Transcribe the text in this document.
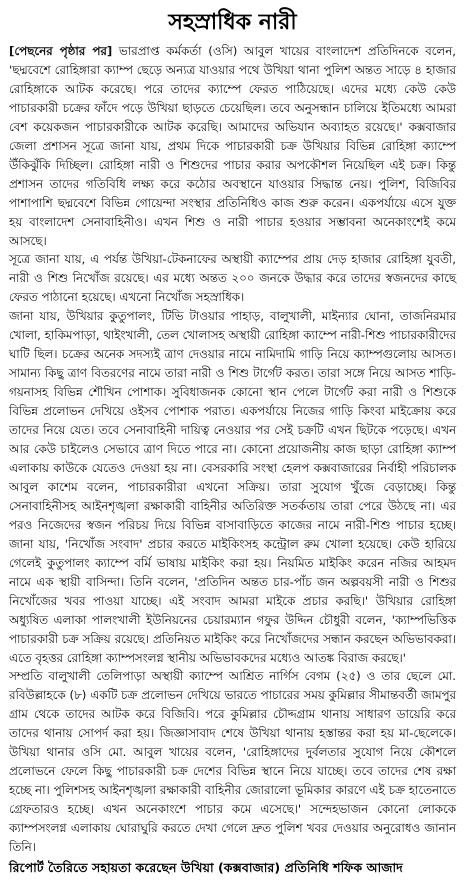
সহস্রাধিক নারী

[পেছনের পৃষ্ঠার পর] ভারপ্রাপ্ত কর্মকর্তা (ওসি) আবুল খায়ের বাংলাদেশ প্রতিদিনকে বলেন, 'ছদ্মবেশে রোহিঙ্গারা ক্যাম্প ছেড়ে অন্যত্র যাওয়ার পথে উখিয়া থানা পুলিশ অন্তত সাড়ে ৪ হাজার রোহিঙ্গাকে আটক করেছে। পরে তাদের ক্যাম্পে ফেরত পাঠিয়েছে। এদের মধ্যে কেউ কেউ পাচারকারী চক্রের ফাঁদে পড়ে উখিয়া ছাড়তে চেয়েছিল। তবে অনুসন্ধান চালিয়ে ইতিমধ্যে আমরা বেশ কয়েকজন পাচারকারীকে আটক করেছি। আমাদের অভিযান অব্যাহত রয়েছে।' কক্সবাজার জেলা প্রশাসন সূত্রে জানা যায়, প্রথম দিকে পাচারকারী চক্র উখিয়ার বিভিন্ন রোহিঙ্গা ক্যাম্পে উঁকিঝুঁকি দিচ্ছিল। রোহিঙ্গা নারী ও শিশুদের পাচার করার অপকৌশল নিয়েছিল এই চক্র। কিন্তু প্রশাসন তাদের গতিবিধি লক্ষ্য করে কঠোর অবস্থানে যাওয়ার সিদ্ধান্ত নেয়। পুলিশ, বিজিবির পাশাপাশি ছদ্মবেশে বিভিন্ন গোয়েন্দা সংস্থার প্রতিনিধিও কাজ শুরু করেন। একপর্যায়ে এসে যুক্ত হয় বাংলাদেশ সেনাবাহিনীও। এখন শিশু ও নারী পাচার হওয়ার সম্ভাবনা অনেকাংশেই কমে আসছে।

সূত্রে জানা যায়, এ পর্যন্ত উখিয়া-টেকনাফের অস্থায়ী ক্যাম্পের প্রায় দেড় হাজার রোহিঙ্গা যুবতী, নারী ও শিশু নিখোঁজ রয়েছে। এর মধ্যে অন্তত ২০০ জনকে উদ্ধার করে তাদের স্বজনদের কাছে ফেরত পাঠানো হয়েছে। এখনো নিখোঁজ সহস্রাধিক।

জানা যায়, উখিয়ার কুতুপালং, টিভি টাওয়ার পাহাড়, বালুখালী, মাইন্যার ঘোনা, তাজনিরমার খোলা, হাকিমপাড়া, থাইংখালী, তেল খোলাসহ অস্থায়ী রোহিঙ্গা ক্যাম্পে নারী-শিশু পাচারকারীদের ঘাটি ছিল। চক্রের অনেক সদস্যই ত্রাণ দেওয়ার নামে নামিদামি গাড়ি নিয়ে ক্যাম্পগুলোয় আসত। সামান্য কিছু ত্রাণ বিতরণের নামে তারা নারী ও শিশু টার্গেট করত। তারা সঙ্গে নিয়ে আসত শাড়ি-গয়নাসহ বিভিন্ন শৌখিন পোশাক। সুবিধাজনক কোনো স্থান পেলে টার্গেট করা নারী ও শিশুকে বিভিন্ন প্রলোভন দেখিয়ে ওইসব পোশাক পরাত। একপর্যায়ে নিজের গাড়ি কিংবা মাইক্রোয় করে তাদের নিয়ে যেত। তবে সেনাবাহিনী দায়িত্ব নেওয়ার পর সেই চক্রটি এখন ছিটকে পড়েছে। এখন আর কেউ চাইলেও সেভাবে ত্রাণ দিতে পারে না। কোনো প্রয়োজনীয় কাজ ছাড়া রোহিঙ্গা ক্যাম্প এলাকায় কাউকে যেতেও দেওয়া হয় না। বেসরকারি সংস্থা হেলপ কক্সবাজারের নির্বাহী পরিচালক আবুল কাশেম বলেন, পাচারকারীরা এখনো সক্রিয়। তারা সুযোগ খুঁজে বেড়াচ্ছে। কিন্তু সেনাবাহিনীসহ আইনশৃঙ্খলা রক্ষাকারী বাহিনীর অতিরিক্ত সতর্কতায় তারা পেরে উঠছে না। এর পরও নিজেদের স্বজন পরিচয় দিয়ে বিভিন্ন বাসাবাড়িতে কাজের নামে নারী-শিশু পাচার হচ্ছে। জানা যায়, 'নিখোঁজ সংবাদ' প্রচার করতে মাইকিংসহ কন্ট্রোল রুম খোলা হয়েছে। কেউ হারিয়ে গেলেই কুতুপালং ক্যাম্পে বর্মি ভাষায় মাইকিং করা হয়। নিয়মিত মাইকিং করেন নজির আহমদ নামে এক স্থায়ী বাসিন্দা। তিনি বলেন, 'প্রতিদিন অন্তত চার-পাঁচ জন অল্পবয়সী নারী ও শিশুর নিখোঁজের খবর পাওয়া যাচ্ছে। এই সংবাদ আমরা মাইকে প্রচার করছি।' উখিয়ার রোহিঙ্গা অধ্যুষিত এলাকা পালংখালী ইউনিয়নের চেয়ারম্যান গফুর উদ্দিন চৌধুরী বলেন, 'ক্যাম্পভিত্তিক পাচারকারী চক্র সক্রিয় রয়েছে। প্রতিনিয়ত মাইকিং করে নিখোঁজদের সন্ধান করছেন অভিভাবকরা। এতে বৃহত্তর রোহিঙ্গা ক্যাম্পসংলগ্ন স্থানীয় অভিভাবকদের মধ্যেও আতঙ্ক বিরাজ করছে।'

সম্প্রতি বালুখালী তেলিপাড়া অস্থায়ী ক্যাম্পে আশ্রিত নার্গিস বেগম (২৫) ও তার ছেলে মো. রবিউল্লাহকে (৮) একটি চক্র প্রলোভন দেখিয়ে ভারতে পাচারের সময় কুমিল্লার সীমান্তবর্তী জামপুর গ্রাম থেকে তাদের আটক করে বিজিবি। পরে কুমিল্লার চৌদ্দগ্রাম থানায় সাধারণ ডায়েরি করে তাদের থানায় সোপর্দ করা হয়। জিজ্ঞাসাবাদ শেষে উখিয়া থানায় হস্তান্তর করা হয় মা-ছেলেকে। উখিয়া থানার ওসি মো. আবুল খায়ের বলেন, 'রোহিঙ্গাদের দুর্বলতার সুযোগ নিয়ে কৌশলে প্রলোভনে ফেলে কিছু পাচারকারী চক্র দেশের বিভিন্ন স্থানে নিয়ে যাচ্ছে। তবে তাদের শেষ রক্ষা হচ্ছে না। পুলিশসহ আইনশৃঙ্খলা রক্ষাকারী বাহিনীর জোরালো ভূমিকার কারণে এই চক্র হাতেনাতে গ্রেফতারও হচ্ছে। এখন অনেকাংশে পাচার কমে এসেছে।' সন্দেহভাজন কোনো লোককে ক্যাম্পসংলগ্ন এলাকায় ঘোরাঘুরি করতে দেখা গেলে দ্রুত পুলিশ খবর দেওয়ার অনুরোধও জানান তিনি।

রিপোর্ট তৈরিতে সহায়তা করেছেন উখিয়া (কক্সবাজার) প্রতিনিধি শফিক আজাদ
